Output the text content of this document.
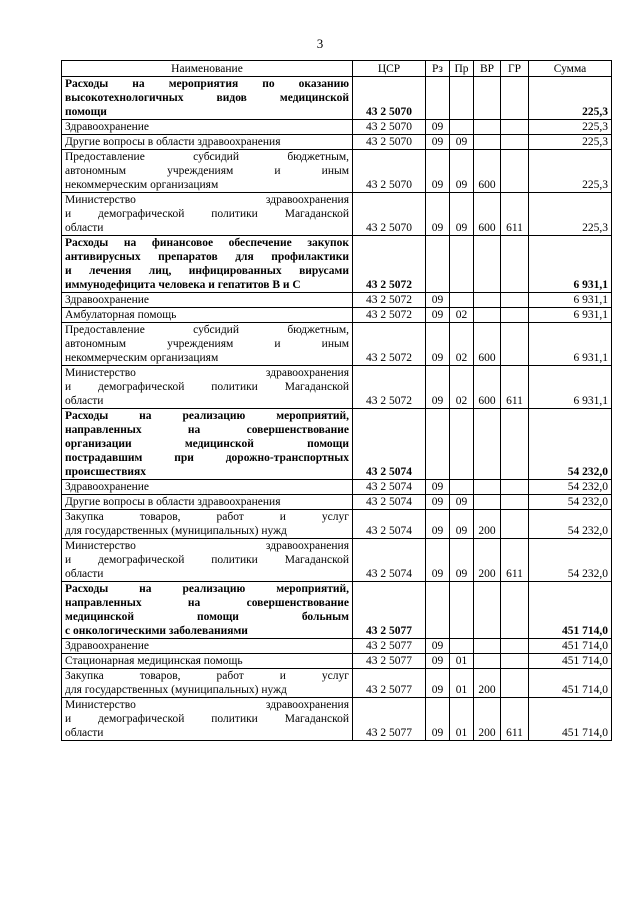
3
Наименование	ЦСР	Рз	Пр	ВР	ГР	Сумма

Расходы на мероприятия по оказанию
высокотехнологичных видов медицинской
помощи	43 2 5070					225,3

Здравоохранение	43 2 5070	09				225,3

Другие вопросы в области здравоохранения	43 2 5070	09	09			225,3

Предоставление субсидий бюджетным,
автономным учреждениям и иным
некоммерческим организациям	43 2 5070	09	09	600		225,3

Министерство здравоохранения
и демографической политики Магаданской
области	43 2 5070	09	09	600	611	225,3

Расходы на финансовое обеспечение закупок
антивирусных препаратов для профилактики
и лечения лиц, инфицированных вирусами
иммунодефицита человека и гепатитов В и С	43 2 5072					6 931,1

Здравоохранение	43 2 5072	09				6 931,1

Амбулаторная помощь	43 2 5072	09	02			6 931,1

Предоставление субсидий бюджетным,
автономным учреждениям и иным
некоммерческим организациям	43 2 5072	09	02	600		6 931,1

Министерство здравоохранения
и демографической политики Магаданской
области	43 2 5072	09	02	600	611	6 931,1

Расходы на реализацию мероприятий,
направленных на совершенствование
организации медицинской помощи
пострадавшим при дорожно-транспортных
происшествиях	43 2 5074					54 232,0

Здравоохранение	43 2 5074	09				54 232,0

Другие вопросы в области здравоохранения	43 2 5074	09	09			54 232,0

Закупка товаров, работ и услуг
для государственных (муниципальных) нужд	43 2 5074	09	09	200		54 232,0

Министерство здравоохранения
и демографической политики Магаданской
области	43 2 5074	09	09	200	611	54 232,0

Расходы на реализацию мероприятий,
направленных на совершенствование
медицинской помощи больным
с онкологическими заболеваниями	43 2 5077					451 714,0

Здравоохранение	43 2 5077	09				451 714,0

Стационарная медицинская помощь	43 2 5077	09	01			451 714,0

Закупка товаров, работ и услуг
для государственных (муниципальных) нужд	43 2 5077	09	01	200		451 714,0

Министерство здравоохранения
и демографической политики Магаданской
области	43 2 5077	09	01	200	611	451 714,0
